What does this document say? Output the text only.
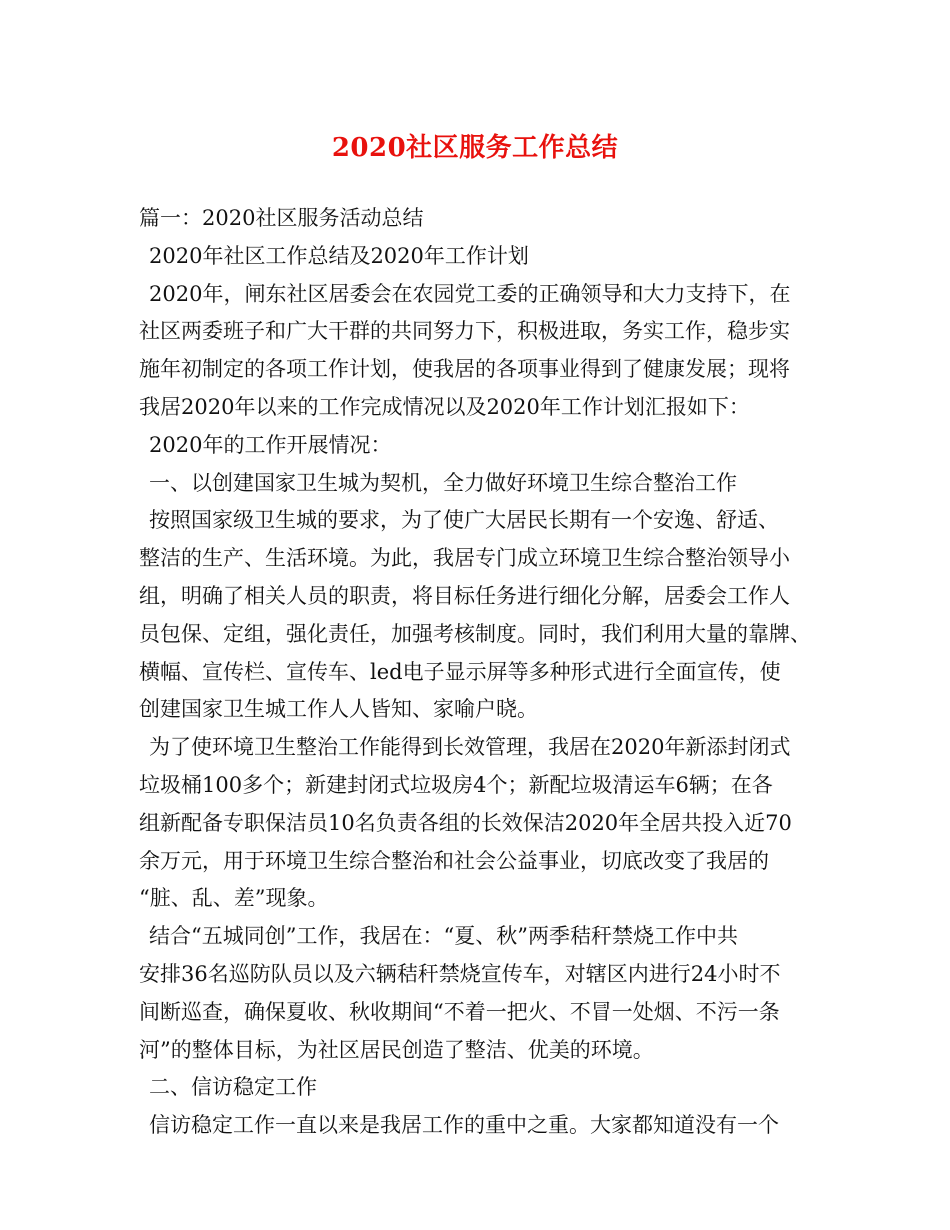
2020社区服务工作总结
篇一：2020社区服务活动总结
2020年社区工作总结及2020年工作计划
2020年，闸东社区居委会在农园党工委的正确领导和大力支持下，在
社区两委班子和广大干群的共同努力下，积极进取，务实工作，稳步实
施年初制定的各项工作计划，使我居的各项事业得到了健康发展；现将
我居2020年以来的工作完成情况以及2020年工作计划汇报如下：
2020年的工作开展情况：
一、以创建国家卫生城为契机，全力做好环境卫生综合整治工作
按照国家级卫生城的要求，为了使广大居民长期有一个安逸、舒适、
整洁的生产、生活环境。为此，我居专门成立环境卫生综合整治领导小
组，明确了相关人员的职责，将目标任务进行细化分解，居委会工作人
员包保、定组，强化责任，加强考核制度。同时，我们利用大量的靠牌、
横幅、宣传栏、宣传车、led电子显示屏等多种形式进行全面宣传，使
创建国家卫生城工作人人皆知、家喻户晓。
为了使环境卫生整治工作能得到长效管理，我居在2020年新添封闭式
垃圾桶100多个；新建封闭式垃圾房4个；新配垃圾清运车6辆；在各
组新配备专职保洁员10名负责各组的长效保洁2020年全居共投入近70
余万元，用于环境卫生综合整治和社会公益事业，切底改变了我居的
“脏、乱、差”现象。
结合“五城同创”工作，我居在：“夏、秋”两季秸秆禁烧工作中共
安排36名巡防队员以及六辆秸秆禁烧宣传车，对辖区内进行24小时不
间断巡查，确保夏收、秋收期间“不着一把火、不冒一处烟、不污一条
河”的整体目标，为社区居民创造了整洁、优美的环境。
二、信访稳定工作
信访稳定工作一直以来是我居工作的重中之重。大家都知道没有一个
